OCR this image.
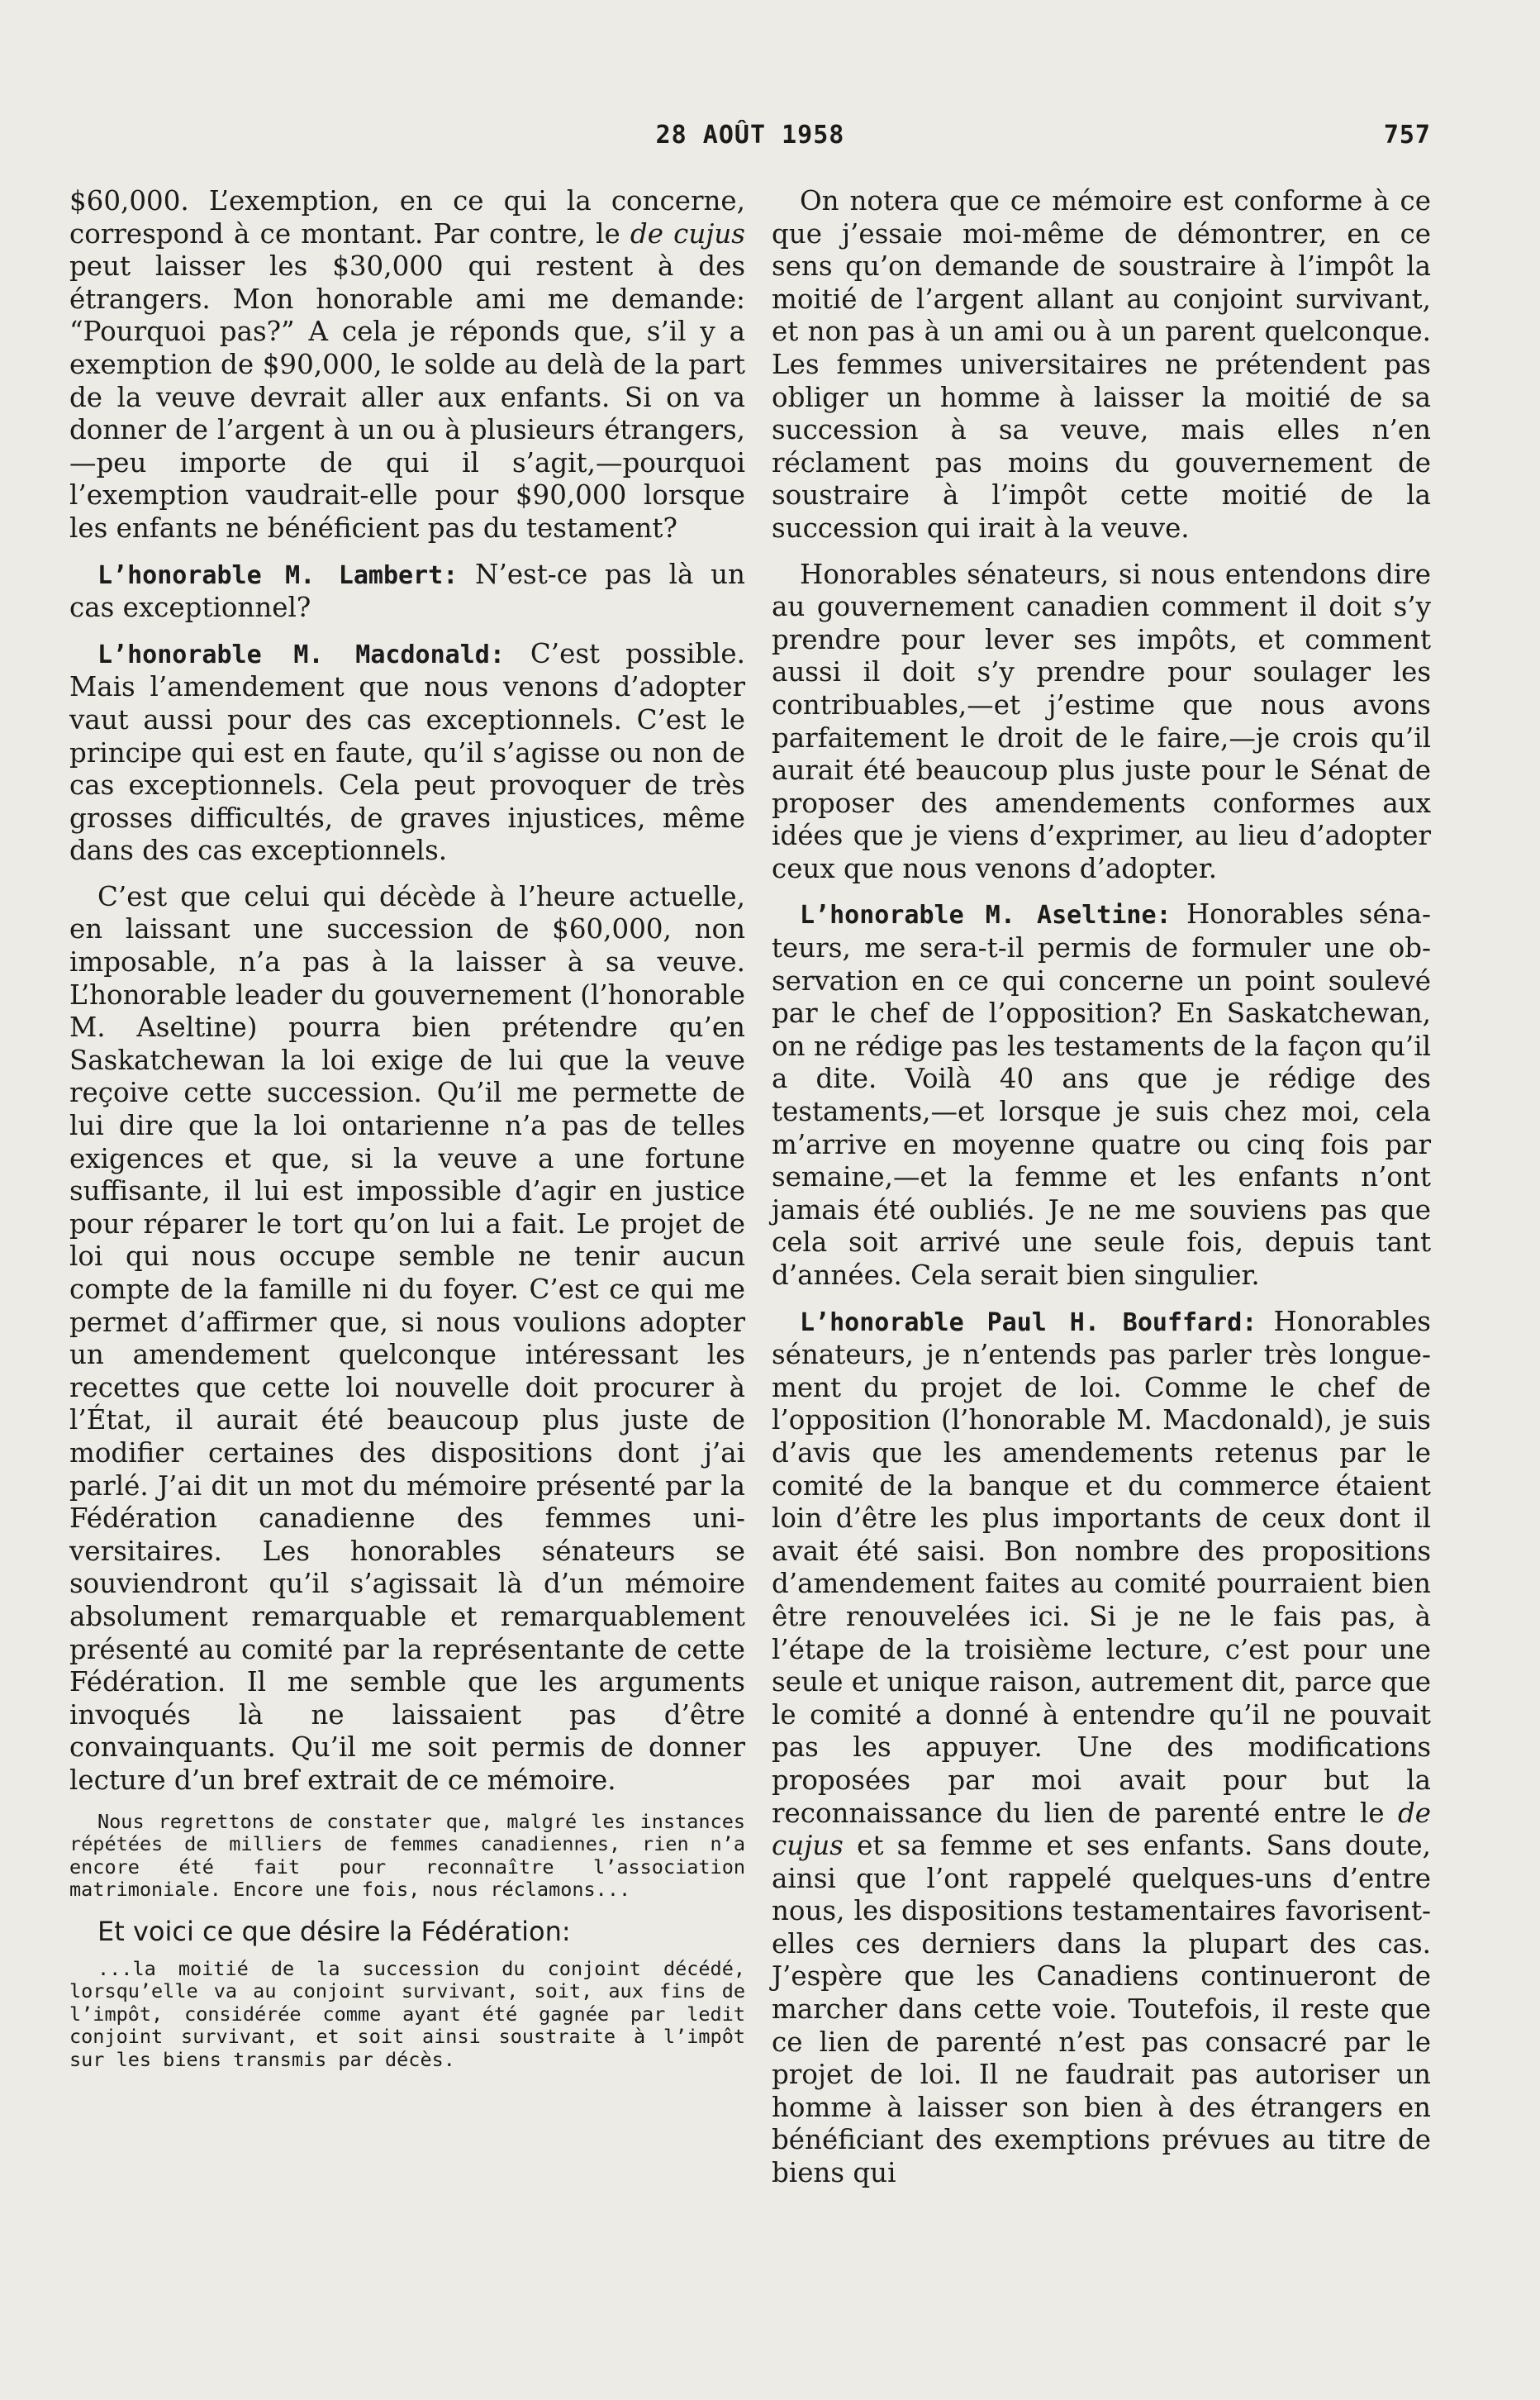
28 AOÛT 1958	757

$60,000. L’exemption, en ce qui la concerne, correspond à ce montant. Par contre, le de cujus peut laisser les $30,000 qui restent à des étrangers. Mon honorable ami me demande: “Pourquoi pas?” A cela je réponds que, s’il y a exemption de $90,000, le solde au delà de la part de la veuve devrait aller aux enfants. Si on va donner de l’argent à un ou à plusieurs étrangers,—peu importe de qui il s’agit,—pourquoi l’exemption vaudrait-elle pour $90,000 lorsque les enfants ne bénéficient pas du testament?

L’honorable M. Lambert: N’est-ce pas là un cas exceptionnel?

L’honorable M. Macdonald: C’est possible. Mais l’amendement que nous venons d’adopter vaut aussi pour des cas exceptionnels. C’est le principe qui est en faute, qu’il s’agisse ou non de cas exceptionnels. Cela peut provoquer de très grosses difficultés, de graves injustices, même dans des cas exceptionnels.

C’est que celui qui décède à l’heure actuelle, en laissant une succession de $60,000, non imposable, n’a pas à la laisser à sa veuve. L’honorable leader du gouvernement (l’honorable M. Aseltine) pourra bien prétendre qu’en Saskatchewan la loi exige de lui que la veuve reçoive cette succession. Qu’il me permette de lui dire que la loi ontarienne n’a pas de telles exigences et que, si la veuve a une fortune suffisante, il lui est impossible d’agir en justice pour réparer le tort qu’on lui a fait. Le projet de loi qui nous occupe semble ne tenir aucun compte de la famille ni du foyer. C’est ce qui me permet d’affirmer que, si nous voulions adopter un amendement quelconque intéressant les recettes que cette loi nouvelle doit procurer à l’État, il aurait été beaucoup plus juste de modifier certaines des dispositions dont j’ai parlé. J’ai dit un mot du mémoire présenté par la Fédération canadienne des femmes universitaires. Les honorables sénateurs se souviendront qu’il s’agissait là d’un mémoire absolument remarquable et remarquablement présenté au comité par la représentante de cette Fédération. Il me semble que les arguments invoqués là ne laissaient pas d’être convainquants. Qu’il me soit permis de donner lecture d’un bref extrait de ce mémoire.

Nous regrettons de constater que, malgré les instances répétées de milliers de femmes canadiennes, rien n’a encore été fait pour reconnaître l’association matrimoniale. Encore une fois, nous réclamons...
Et voici ce que désire la Fédération:
...la moitié de la succession du conjoint décédé, lorsqu’elle va au conjoint survivant, soit, aux fins de l’impôt, considérée comme ayant été gagnée par ledit conjoint survivant, et soit ainsi soustraite à l’impôt sur les biens transmis par décès.

On notera que ce mémoire est conforme à ce que j’essaie moi-même de démontrer, en ce sens qu’on demande de soustraire à l’impôt la moitié de l’argent allant au conjoint survivant, et non pas à un ami ou à un parent quelconque. Les femmes universitaires ne prétendent pas obliger un homme à laisser la moitié de sa succession à sa veuve, mais elles n’en réclament pas moins du gouvernement de soustraire à l’impôt cette moitié de la succession qui irait à la veuve.

Honorables sénateurs, si nous entendons dire au gouvernement canadien comment il doit s’y prendre pour lever ses impôts, et comment aussi il doit s’y prendre pour soulager les contribuables,—et j’estime que nous avons parfaitement le droit de le faire,—je crois qu’il aurait été beaucoup plus juste pour le Sénat de proposer des amendements conformes aux idées que je viens d’exprimer, au lieu d’adopter ceux que nous venons d’adopter.

L’honorable M. Aseltine: Honorables sénateurs, me sera-t-il permis de formuler une observation en ce qui concerne un point soulevé par le chef de l’opposition? En Saskatchewan, on ne rédige pas les testaments de la façon qu’il a dite. Voilà 40 ans que je rédige des testaments,—et lorsque je suis chez moi, cela m’arrive en moyenne quatre ou cinq fois par semaine,—et la femme et les enfants n’ont jamais été oubliés. Je ne me souviens pas que cela soit arrivé une seule fois, depuis tant d’années. Cela serait bien singulier.

L’honorable Paul H. Bouffard: Honorables sénateurs, je n’entends pas parler très longuement du projet de loi. Comme le chef de l’opposition (l’honorable M. Macdonald), je suis d’avis que les amendements retenus par le comité de la banque et du commerce étaient loin d’être les plus importants de ceux dont il avait été saisi. Bon nombre des propositions d’amendement faites au comité pourraient bien être renouvelées ici. Si je ne le fais pas, à l’étape de la troisième lecture, c’est pour une seule et unique raison, autrement dit, parce que le comité a donné à entendre qu’il ne pouvait pas les appuyer. Une des modifications proposées par moi avait pour but la reconnaissance du lien de parenté entre le de cujus et sa femme et ses enfants. Sans doute, ainsi que l’ont rappelé quelques-uns d’entre nous, les dispositions testamentaires favorisent-elles ces derniers dans la plupart des cas. J’espère que les Canadiens continueront de marcher dans cette voie. Toutefois, il reste que ce lien de parenté n’est pas consacré par le projet de loi. Il ne faudrait pas autoriser un homme à laisser son bien à des étrangers en bénéficiant des exemptions prévues au titre de biens qui
